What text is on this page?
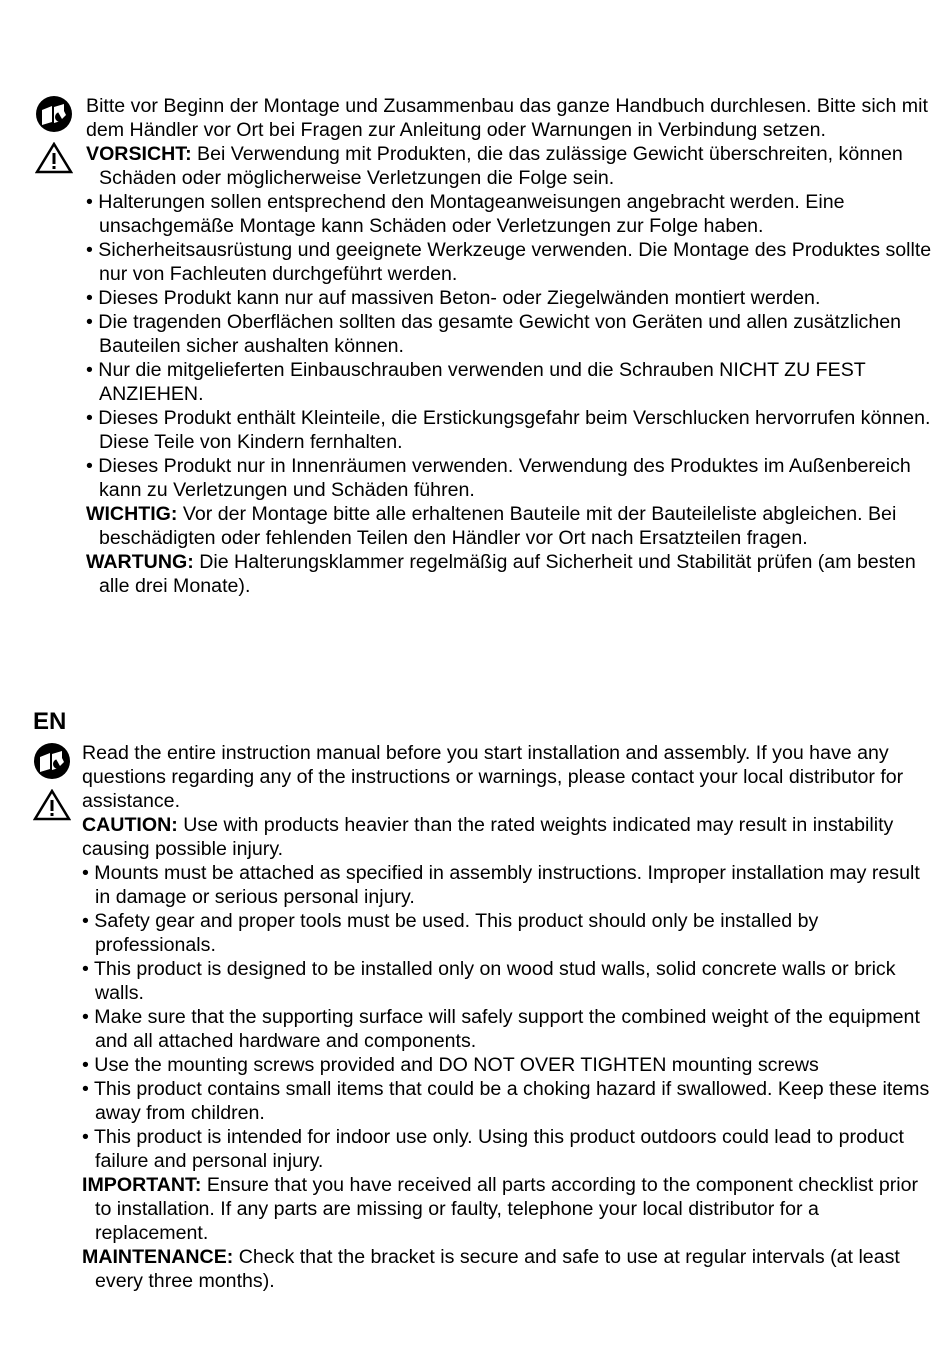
Bitte vor Beginn der Montage und Zusammenbau das ganze Handbuch durchlesen. Bitte sich mit dem Händler vor Ort bei Fragen zur Anleitung oder Warnungen in Verbindung setzen.

VORSICHT: Bei Verwendung mit Produkten, die das zulässige Gewicht überschreiten, können Schäden oder möglicherweise Verletzungen die Folge sein.

• Halterungen sollen entsprechend den Montageanweisungen angebracht werden. Eine unsachgemäße Montage kann Schäden oder Verletzungen zur Folge haben.

• Sicherheitsausrüstung und geeignete Werkzeuge verwenden. Die Montage des Produktes sollte nur von Fachleuten durchgeführt werden.

• Dieses Produkt kann nur auf massiven Beton- oder Ziegelwänden montiert werden.

• Die tragenden Oberflächen sollten das gesamte Gewicht von Geräten und allen zusätzlichen Bauteilen sicher aushalten können.

• Nur die mitgelieferten Einbauschrauben verwenden und die Schrauben NICHT ZU FEST ANZIEHEN.

• Dieses Produkt enthält Kleinteile, die Erstickungsgefahr beim Verschlucken hervorrufen können. Diese Teile von Kindern fernhalten.

• Dieses Produkt nur in Innenräumen verwenden. Verwendung des Produktes im Außenbereich kann zu Verletzungen und Schäden führen.

WICHTIG: Vor der Montage bitte alle erhaltenen Bauteile mit der Bauteileliste abgleichen. Bei beschädigten oder fehlenden Teilen den Händler vor Ort nach Ersatzteilen fragen.

WARTUNG: Die Halterungsklammer regelmäßig auf Sicherheit und Stabilität prüfen (am besten alle drei Monate).

EN

Read the entire instruction manual before you start installation and assembly. If you have any questions regarding any of the instructions or warnings, please contact your local distributor for assistance.

CAUTION: Use with products heavier than the rated weights indicated may result in instability causing possible injury.

• Mounts must be attached as specified in assembly instructions. Improper installation may result in damage or serious personal injury.

• Safety gear and proper tools must be used. This product should only be installed by professionals.

• This product is designed to be installed only on wood stud walls, solid concrete walls or brick walls.

• Make sure that the supporting surface will safely support the combined weight of the equipment and all attached hardware and components.

• Use the mounting screws provided and DO NOT OVER TIGHTEN mounting screws

• This product contains small items that could be a choking hazard if swallowed. Keep these items away from children.

• This product is intended for indoor use only. Using this product outdoors could lead to product failure and personal injury.

IMPORTANT: Ensure that you have received all parts according to the component checklist prior to installation. If any parts are missing or faulty, telephone your local distributor for a replacement.

MAINTENANCE: Check that the bracket is secure and safe to use at regular intervals (at least every three months).
